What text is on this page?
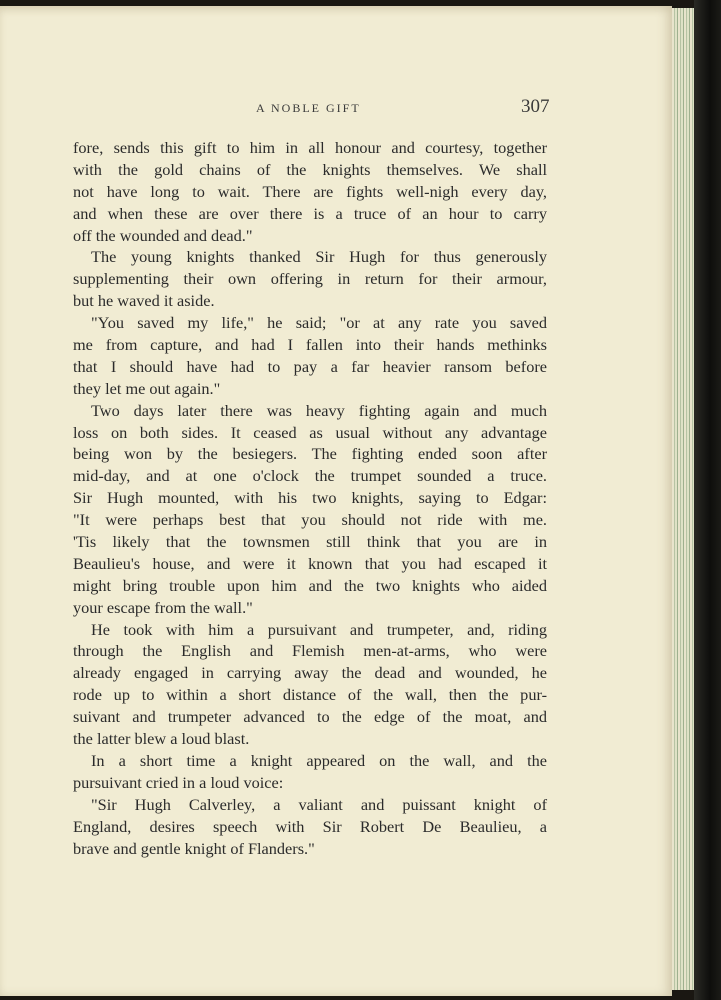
A NOBLE GIFT	307
fore, sends this gift to him in all honour and courtesy, together
with the gold chains of the knights themselves. We shall
not have long to wait. There are fights well-nigh every day,
and when these are over there is a truce of an hour to carry
off the wounded and dead."
The young knights thanked Sir Hugh for thus generously
supplementing their own offering in return for their armour,
but he waved it aside.
"You saved my life," he said; "or at any rate you saved
me from capture, and had I fallen into their hands methinks
that I should have had to pay a far heavier ransom before
they let me out again."
Two days later there was heavy fighting again and much
loss on both sides. It ceased as usual without any advantage
being won by the besiegers. The fighting ended soon after
mid-day, and at one o'clock the trumpet sounded a truce.
Sir Hugh mounted, with his two knights, saying to Edgar:
"It were perhaps best that you should not ride with me.
'Tis likely that the townsmen still think that you are in
Beaulieu's house, and were it known that you had escaped it
might bring trouble upon him and the two knights who aided
your escape from the wall."
He took with him a pursuivant and trumpeter, and, riding
through the English and Flemish men-at-arms, who were
already engaged in carrying away the dead and wounded, he
rode up to within a short distance of the wall, then the pur-
suivant and trumpeter advanced to the edge of the moat, and
the latter blew a loud blast.
In a short time a knight appeared on the wall, and the
pursuivant cried in a loud voice:
"Sir Hugh Calverley, a valiant and puissant knight of
England, desires speech with Sir Robert De Beaulieu, a
brave and gentle knight of Flanders."
